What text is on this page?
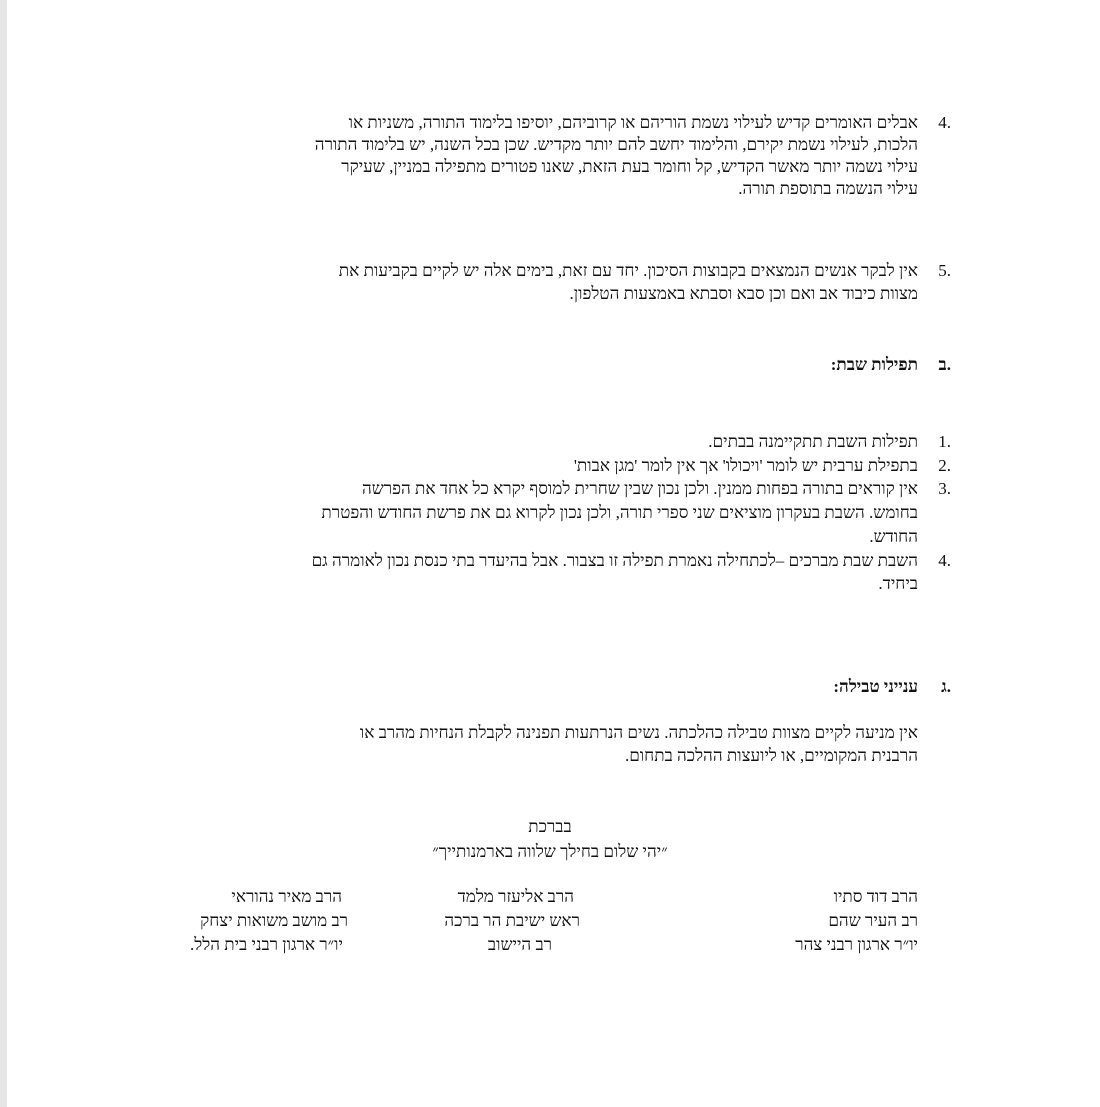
4.
אבלים האומרים קדיש לעילוי נשמת הוריהם או קרוביהם, יוסיפו בלימוד התורה, משניות או
הלכות, לעילוי נשמת יקירם, והלימוד יחשב להם יותר מקדיש. שכן בכל השנה, יש בלימוד התורה
עילוי נשמה יותר מאשר הקדיש, קל וחומר בעת הזאת, שאנו פטורים מתפילה במניין, שעיקר
עילוי הנשמה בתוספת תורה.
5.
אין לבקר אנשים הנמצאים בקבוצות הסיכון. יחד עם זאת, בימים אלה יש לקיים בקביעות את
מצוות כיבוד אב ואם וכן סבא וסבתא באמצעות הטלפון.
ב.
תפילות שבת:
1.
תפילות השבת תתקיימנה בבתים.
2.
בתפילת ערבית יש לומר 'ויכולו' אך אין לומר 'מגן אבות'
3.
אין קוראים בתורה בפחות ממנין. ולכן נכון שבין שחרית למוסף יקרא כל אחד את הפרשה
בחומש. השבת בעקרון מוציאים שני ספרי תורה, ולכן נכון לקרוא גם את פרשת החודש והפטרת
החודש.
4.
השבת שבת מברכים –לכתחילה נאמרת תפילה זו בצבור. אבל בהיעדר בתי כנסת נכון לאומרה גם
ביחיד.
ג.
ענייני טבילה:
אין מניעה לקיים מצוות טבילה כהלכתה. נשים הנרתעות תפנינה לקבלת הנחיות מהרב או
הרבנית המקומיים, או ליועצות ההלכה בתחום.
בברכת
״יהי שלום בחילך שלווה בארמנותייך״
הרב דוד סתיו
רב העיר שהם
יו״ר ארגון רבני צהר
הרב אליעזר מלמד
ראש ישיבת הר ברכה
רב היישוב
הרב מאיר נהוראי
רב מושב משואות יצחק
יו״ר ארגון רבני בית הלל.
